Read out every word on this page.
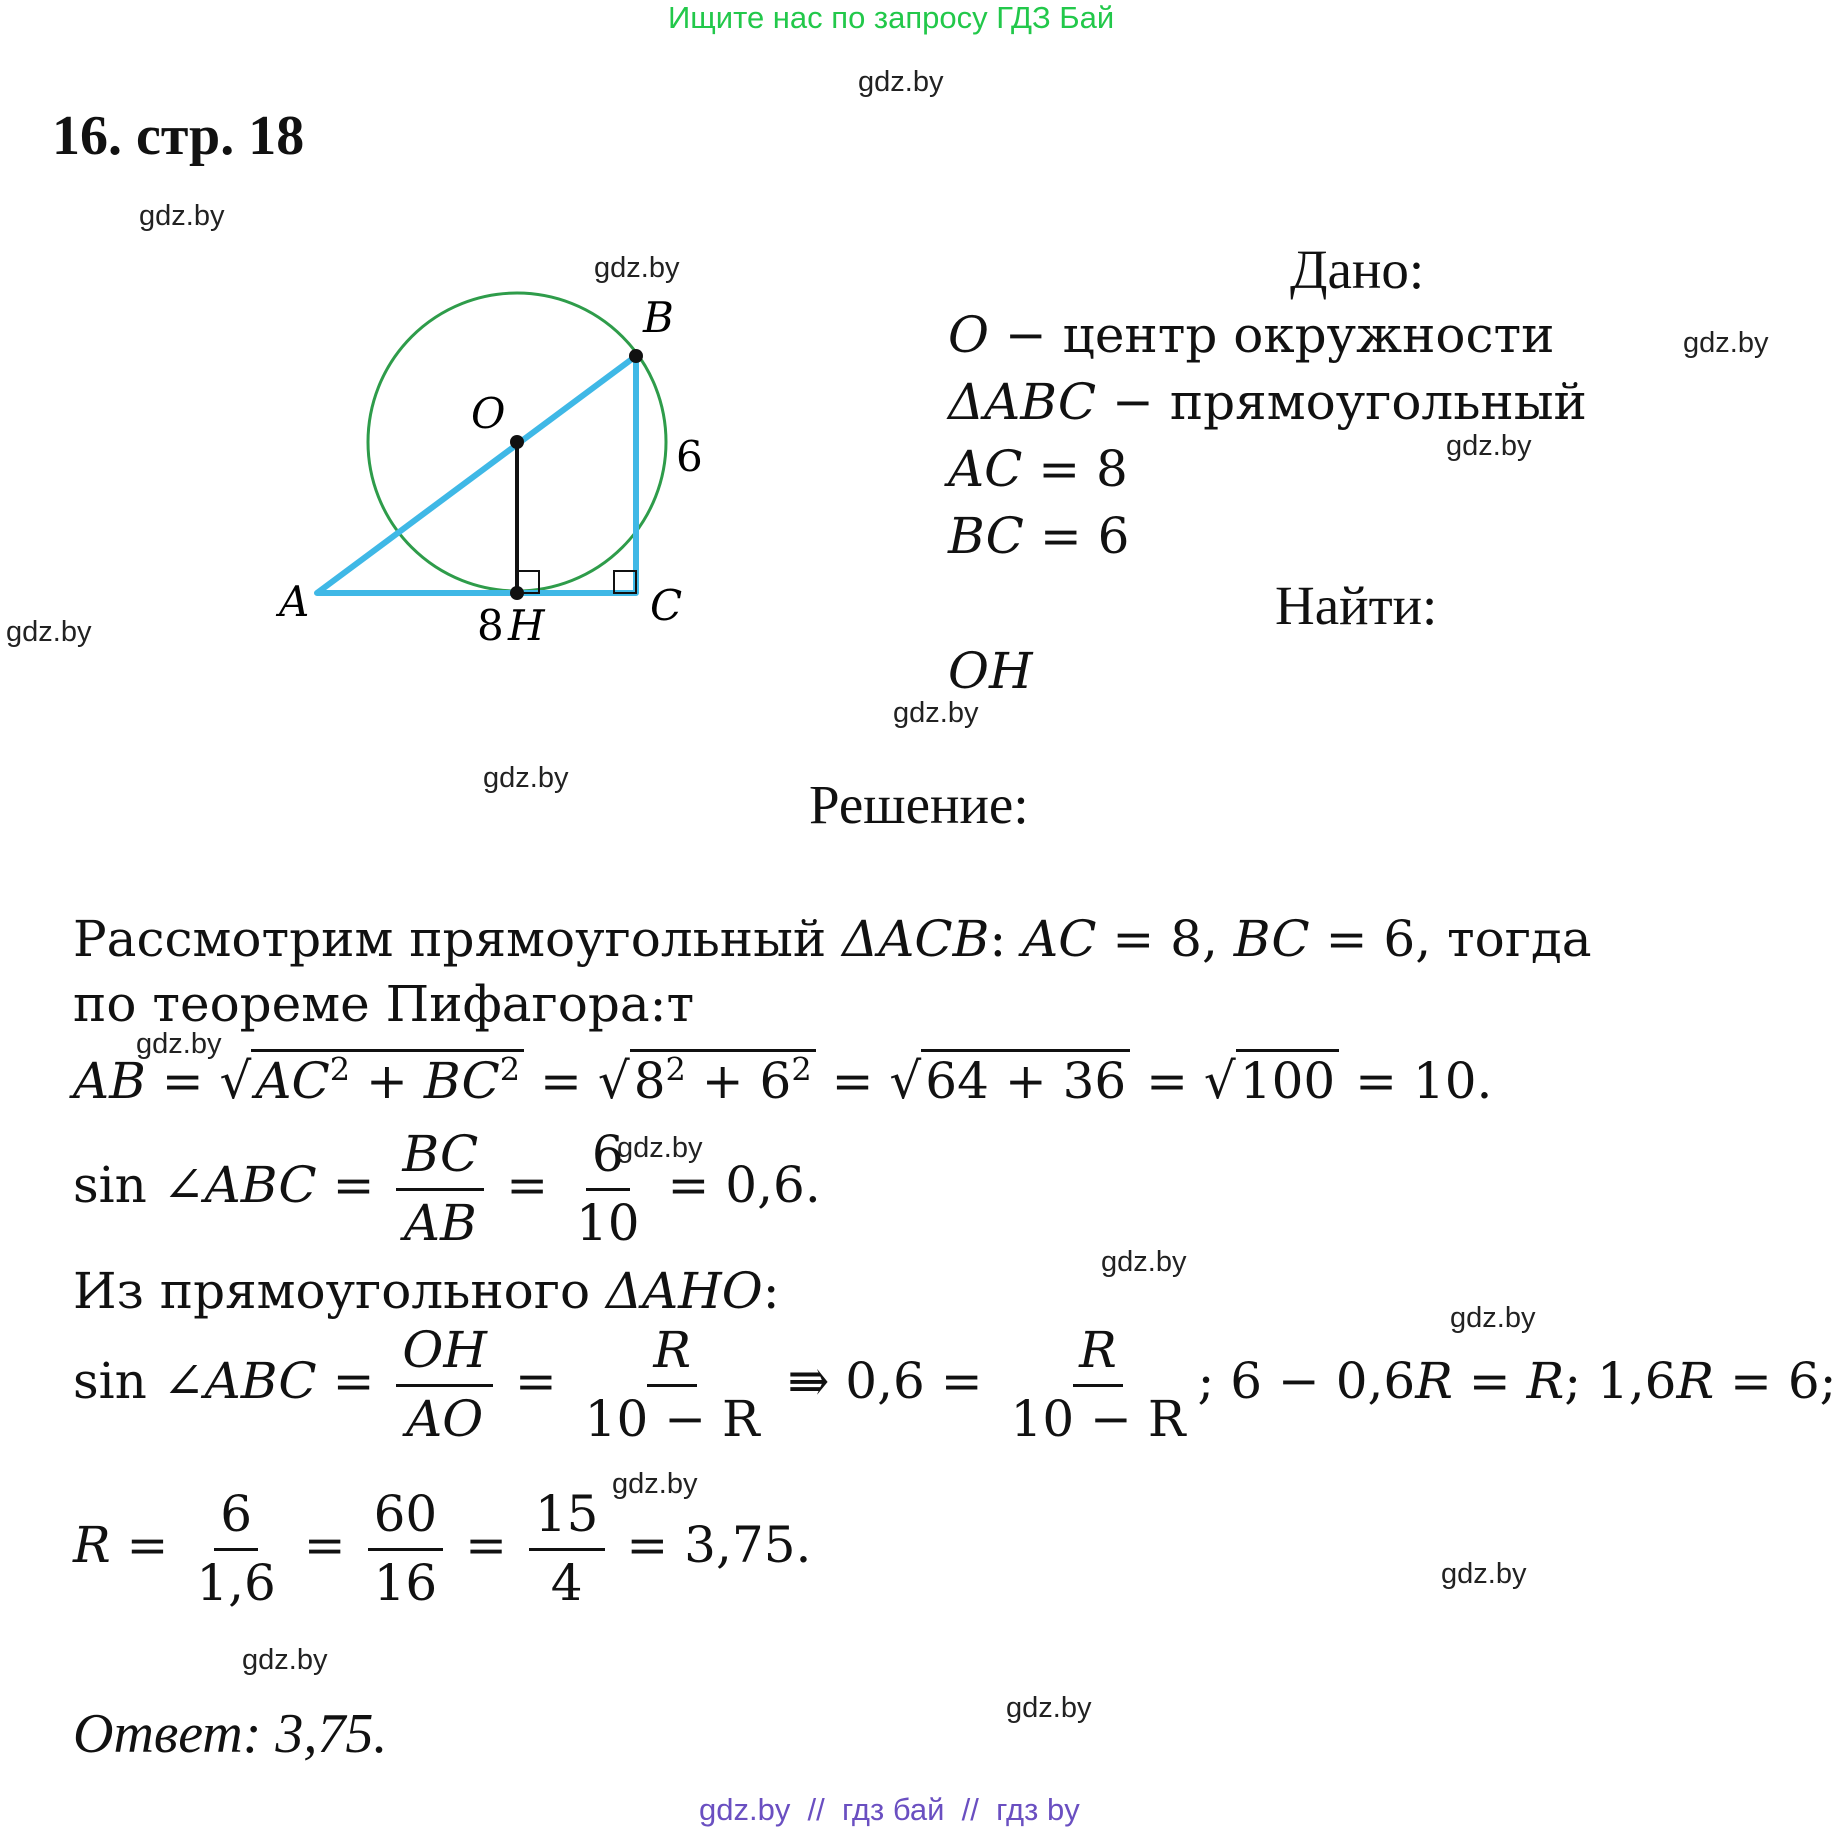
Ищите нас по запросу ГДЗ Бай
gdz.by
gdz.by
gdz.by
gdz.by
gdz.by
gdz.by
gdz.by
gdz.by
gdz.by
gdz.by
gdz.by
gdz.by
gdz.by
gdz.by
gdz.by
gdz.by
16. стр. 18
A
B
C
O
H
8
6
Дано:
O − центр окружности
ΔABC − прямоугольный
AC = 8
BC = 6
Найти:
OH
Решение:
Рассмотрим прямоугольный ΔACB: AC = 8, BC = 6, тогда
по теореме Пифагора:т
AB = $√AC^2 + BC^2 = √8^2 + 6^2 = √64 + 36 = √100 = 10$.
sin ∠ABC = $\frac{BC}{AB} = \frac{6}{10} = 0,6$.
Из прямоугольного ΔAHO:
sin ∠ABC = $\frac{OH}{AO} = \frac{R}{10 - R}$ ⇛ $0,6 = \frac{R}{10 - R}$ ; 6 − 0,6R = R; 1,6R = 6;
$R = \frac{6}{1,6} = \frac{60}{16} = \frac{15}{4} = 3,75$.
Ответ: 3,75.
gdz.by  //  гдз бай  //  гдз by
